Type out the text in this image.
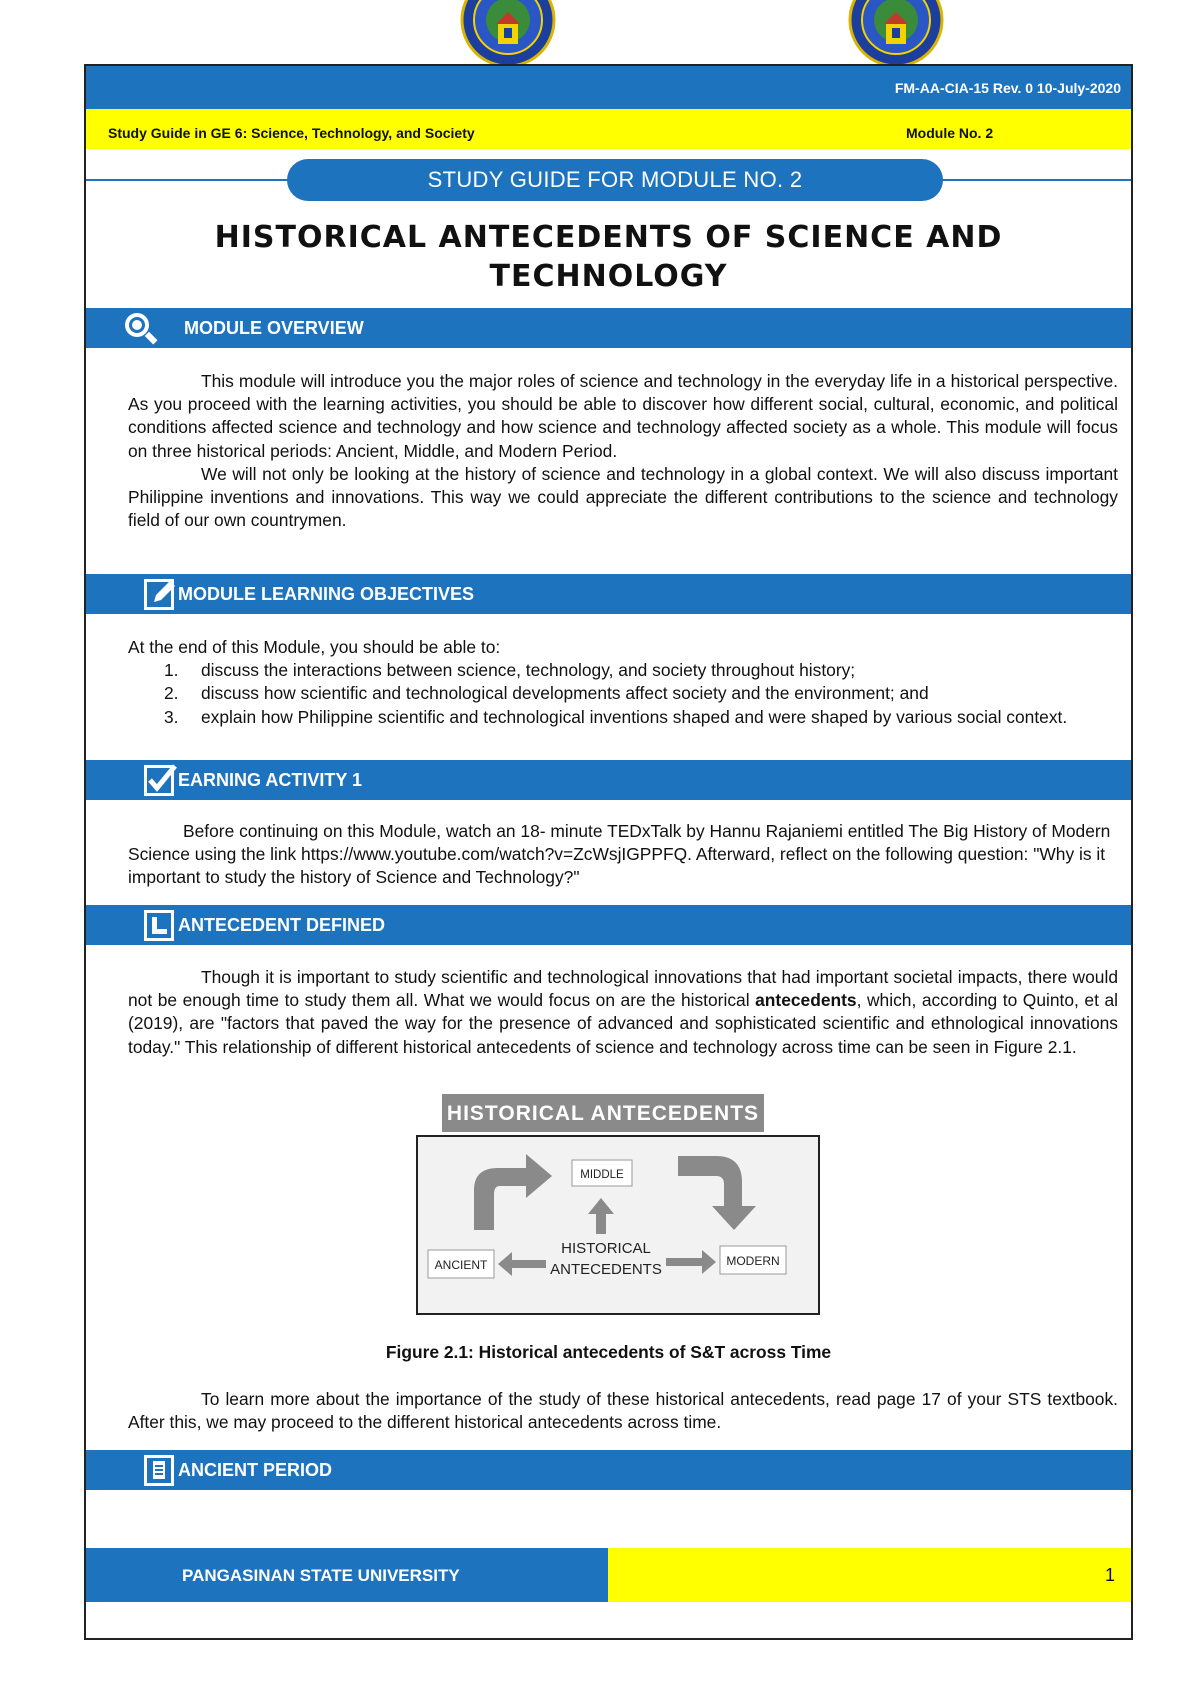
FM-AA-CIA-15 Rev. 0 10-July-2020
Study Guide in GE 6: Science, Technology, and Society	Module No. 2
STUDY GUIDE FOR MODULE NO. 2
HISTORICAL ANTECEDENTS OF SCIENCE AND
TECHNOLOGY
MODULE OVERVIEW

This module will introduce you the major roles of science and technology in the everyday life in a historical perspective. As you proceed with the learning activities, you should be able to discover how different social, cultural, economic, and political conditions affected science and technology and how science and technology affected society as a whole. This module will focus on three historical periods: Ancient, Middle, and Modern Period.

We will not only be looking at the history of science and technology in a global context. We will also discuss important Philippine inventions and innovations. This way we could appreciate the different contributions to the science and technology field of our own countrymen.

MODULE LEARNING OBJECTIVES

At the end of this Module, you should be able to:

1. discuss the interactions between science, technology, and society throughout history;
2. discuss how scientific and technological developments affect society and the environment; and
3. explain how Philippine scientific and technological inventions shaped and were shaped by various social context.
EARNING ACTIVITY 1
Before continuing on this Module, watch an 18- minute TEDxTalk by Hannu Rajaniemi entitled The Big History of Modern Science using the link https://www.youtube.com/watch?v=ZcWsjIGPPFQ. Afterward, reflect on the following question: "Why is it important to study the history of Science and Technology?"
ANTECEDENT DEFINED

Though it is important to study scientific and technological innovations that had important societal impacts, there would not be enough time to study them all. What we would focus on are the historical antecedents, which, according to Quinto, et al (2019), are "factors that paved the way for the presence of advanced and sophisticated scientific and ethnological innovations today." This relationship of different historical antecedents of science and technology across time can be seen in Figure 2.1.

HISTORICAL ANTECEDENTS
MIDDLE
ANCIENT	MODERN
HISTORICAL
ANTECEDENTS
Figure 2.1: Historical antecedents of S&T across Time

To learn more about the importance of the study of these historical antecedents, read page 17 of your STS textbook. After this, we may proceed to the different historical antecedents across time.

ANCIENT PERIOD
PANGASINAN STATE UNIVERSITY	1
